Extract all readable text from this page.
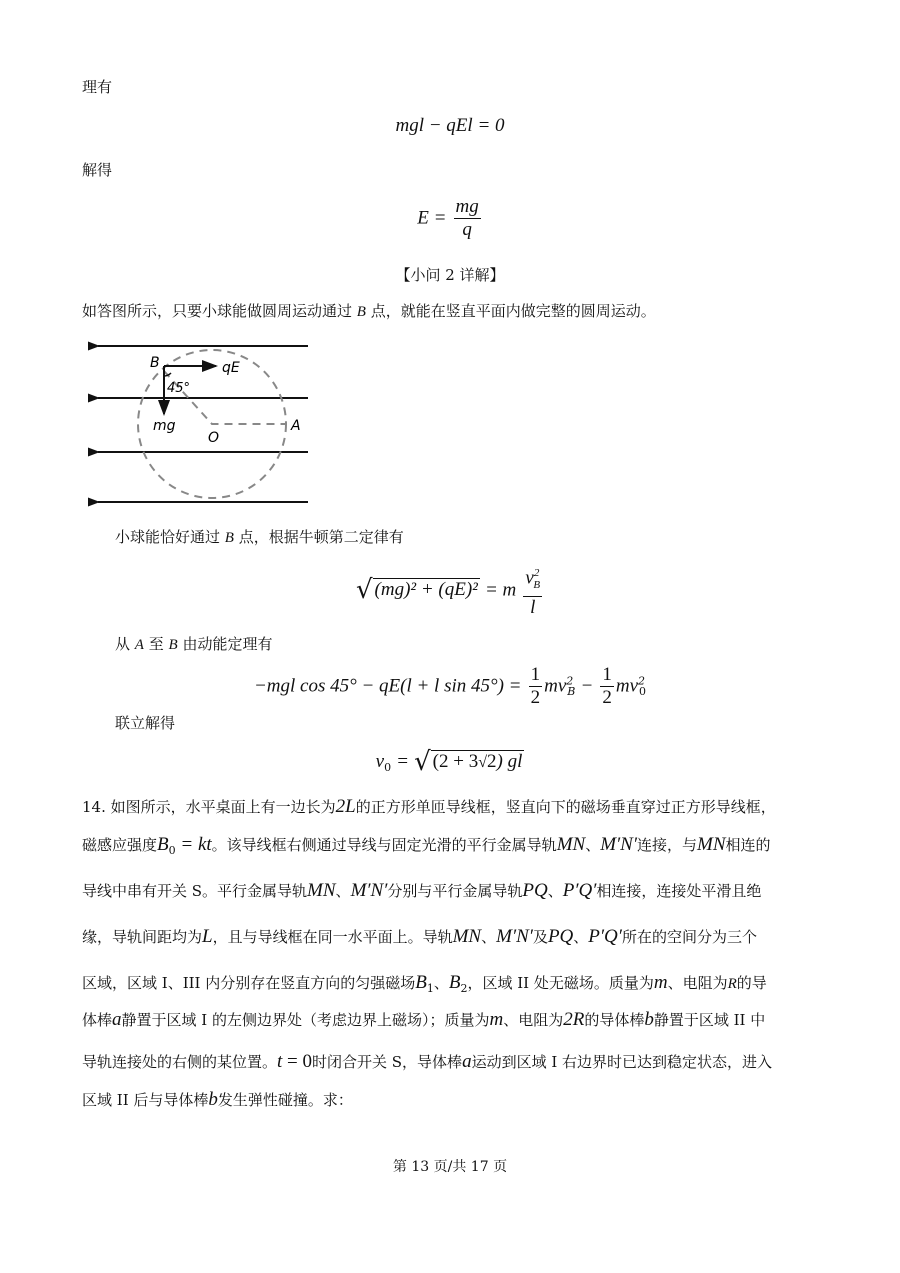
理有
mgl − qEl = 0
解得
$E = \frac{mg}{q}$
【小问 2 详解】
如答图所示，只要小球能做圆周运动通过 B 点，就能在竖直平面内做完整的圆周运动。
B	qE
45°
mg
O
A
小球能恰好通过 B 点，根据牛顿第二定律有
√ (mg)² + (qE)² = m $\frac{v^2_B}{l}$
从 A 至 B 由动能定理有
−mgl cos 45° − qE(l + l $\sin 45^\circ) = \frac{1}{2} mv^2_B - \frac{1}{2} mv^2_0$
联立解得
$v_0$ = √ (2 + 3√2) gl
14. 如图所示，水平桌面上有一边长为2L的正方形单匝导线框，竖直向下的磁场垂直穿过正方形导线框，
磁感应强度$B_0$ = kt。该导线框右侧通过导线与固定光滑的平行金属导轨MN、M′N′连接，与MN相连的
导线中串有开关 S。平行金属导轨MN、M′N′分别与平行金属导轨PQ、P′Q′相连接，连接处平滑且绝
缘，导轨间距均为L，且与导线框在同一水平面上。导轨MN、M′N′及PQ、P′Q′所在的空间分为三个
区域，区域 I、III 内分别存在竖直方向的匀强磁场$B_1$、$B_2$，区域 II 处无磁场。质量为m、电阻为R的导
体棒a静置于区域 I 的左侧边界处（考虑边界上磁场）；质量为m、电阻为2R的导体棒b静置于区域 II 中
导轨连接处的右侧的某位置。t = 0时闭合开关 S，导体棒a运动到区域 I 右边界时已达到稳定状态，进入
区域 II 后与导体棒b发生弹性碰撞。求：
第 13 页/共 17 页
